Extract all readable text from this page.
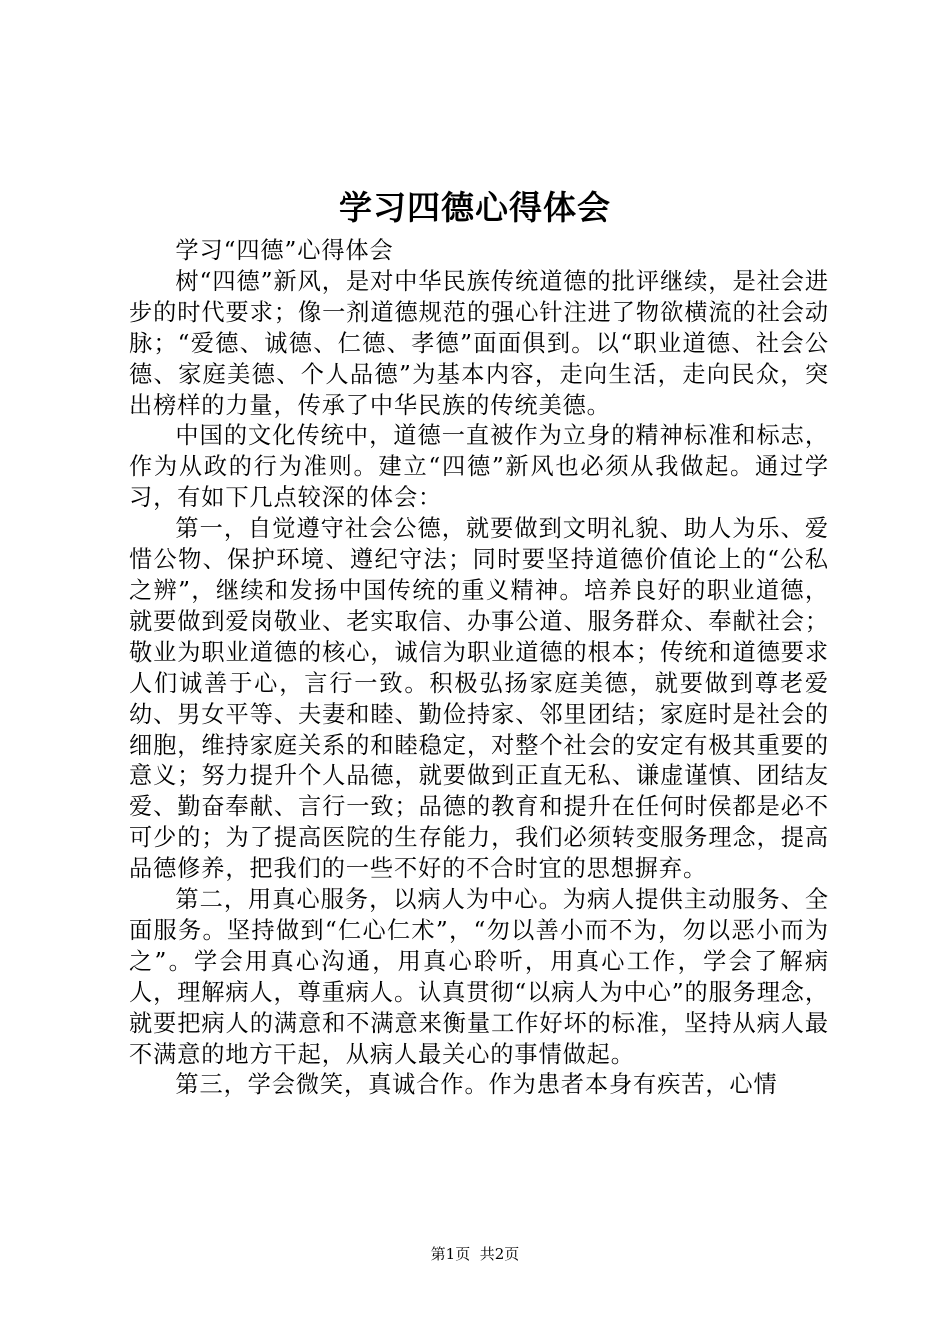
学习四德心得体会

学习“四德”心得体会

树“四德”新风，是对中华民族传统道德的批评继续，是社会进步的时代要求；像一剂道德规范的强心针注进了物欲横流的社会动脉；“爱德、诚德、仁德、孝德”面面俱到。以“职业道德、社会公德、家庭美德、个人品德”为基本内容，走向生活，走向民众，突出榜样的力量，传承了中华民族的传统美德。

中国的文化传统中，道德一直被作为立身的精神标准和标志，作为从政的行为准则。建立“四德”新风也必须从我做起。通过学习，有如下几点较深的体会：

第一，自觉遵守社会公德，就要做到文明礼貌、助人为乐、爱惜公物、保护环境、遵纪守法；同时要坚持道德价值论上的“公私之辨”，继续和发扬中国传统的重义精神。培养良好的职业道德，就要做到爱岗敬业、老实取信、办事公道、服务群众、奉献社会；敬业为职业道德的核心，诚信为职业道德的根本；传统和道德要求人们诚善于心，言行一致。积极弘扬家庭美德，就要做到尊老爱幼、男女平等、夫妻和睦、勤俭持家、邻里团结；家庭时是社会的细胞，维持家庭关系的和睦稳定，对整个社会的安定有极其重要的意义；努力提升个人品德，就要做到正直无私、谦虚谨慎、团结友爱、勤奋奉献、言行一致；品德的教育和提升在任何时侯都是必不可少的；为了提高医院的生存能力，我们必须转变服务理念，提高品德修养，把我们的一些不好的不合时宜的思想摒弃。

第二，用真心服务，以病人为中心。为病人提供主动服务、全面服务。坚持做到“仁心仁术”，“勿以善小而不为，勿以恶小而为之”。学会用真心沟通，用真心聆听，用真心工作，学会了解病人，理解病人，尊重病人。认真贯彻“以病人为中心”的服务理念，就要把病人的满意和不满意来衡量工作好坏的标准，坚持从病人最不满意的地方干起，从病人最关心的事情做起。

第三，学会微笑，真诚合作。作为患者本身有疾苦，心情

第1页 共2页
